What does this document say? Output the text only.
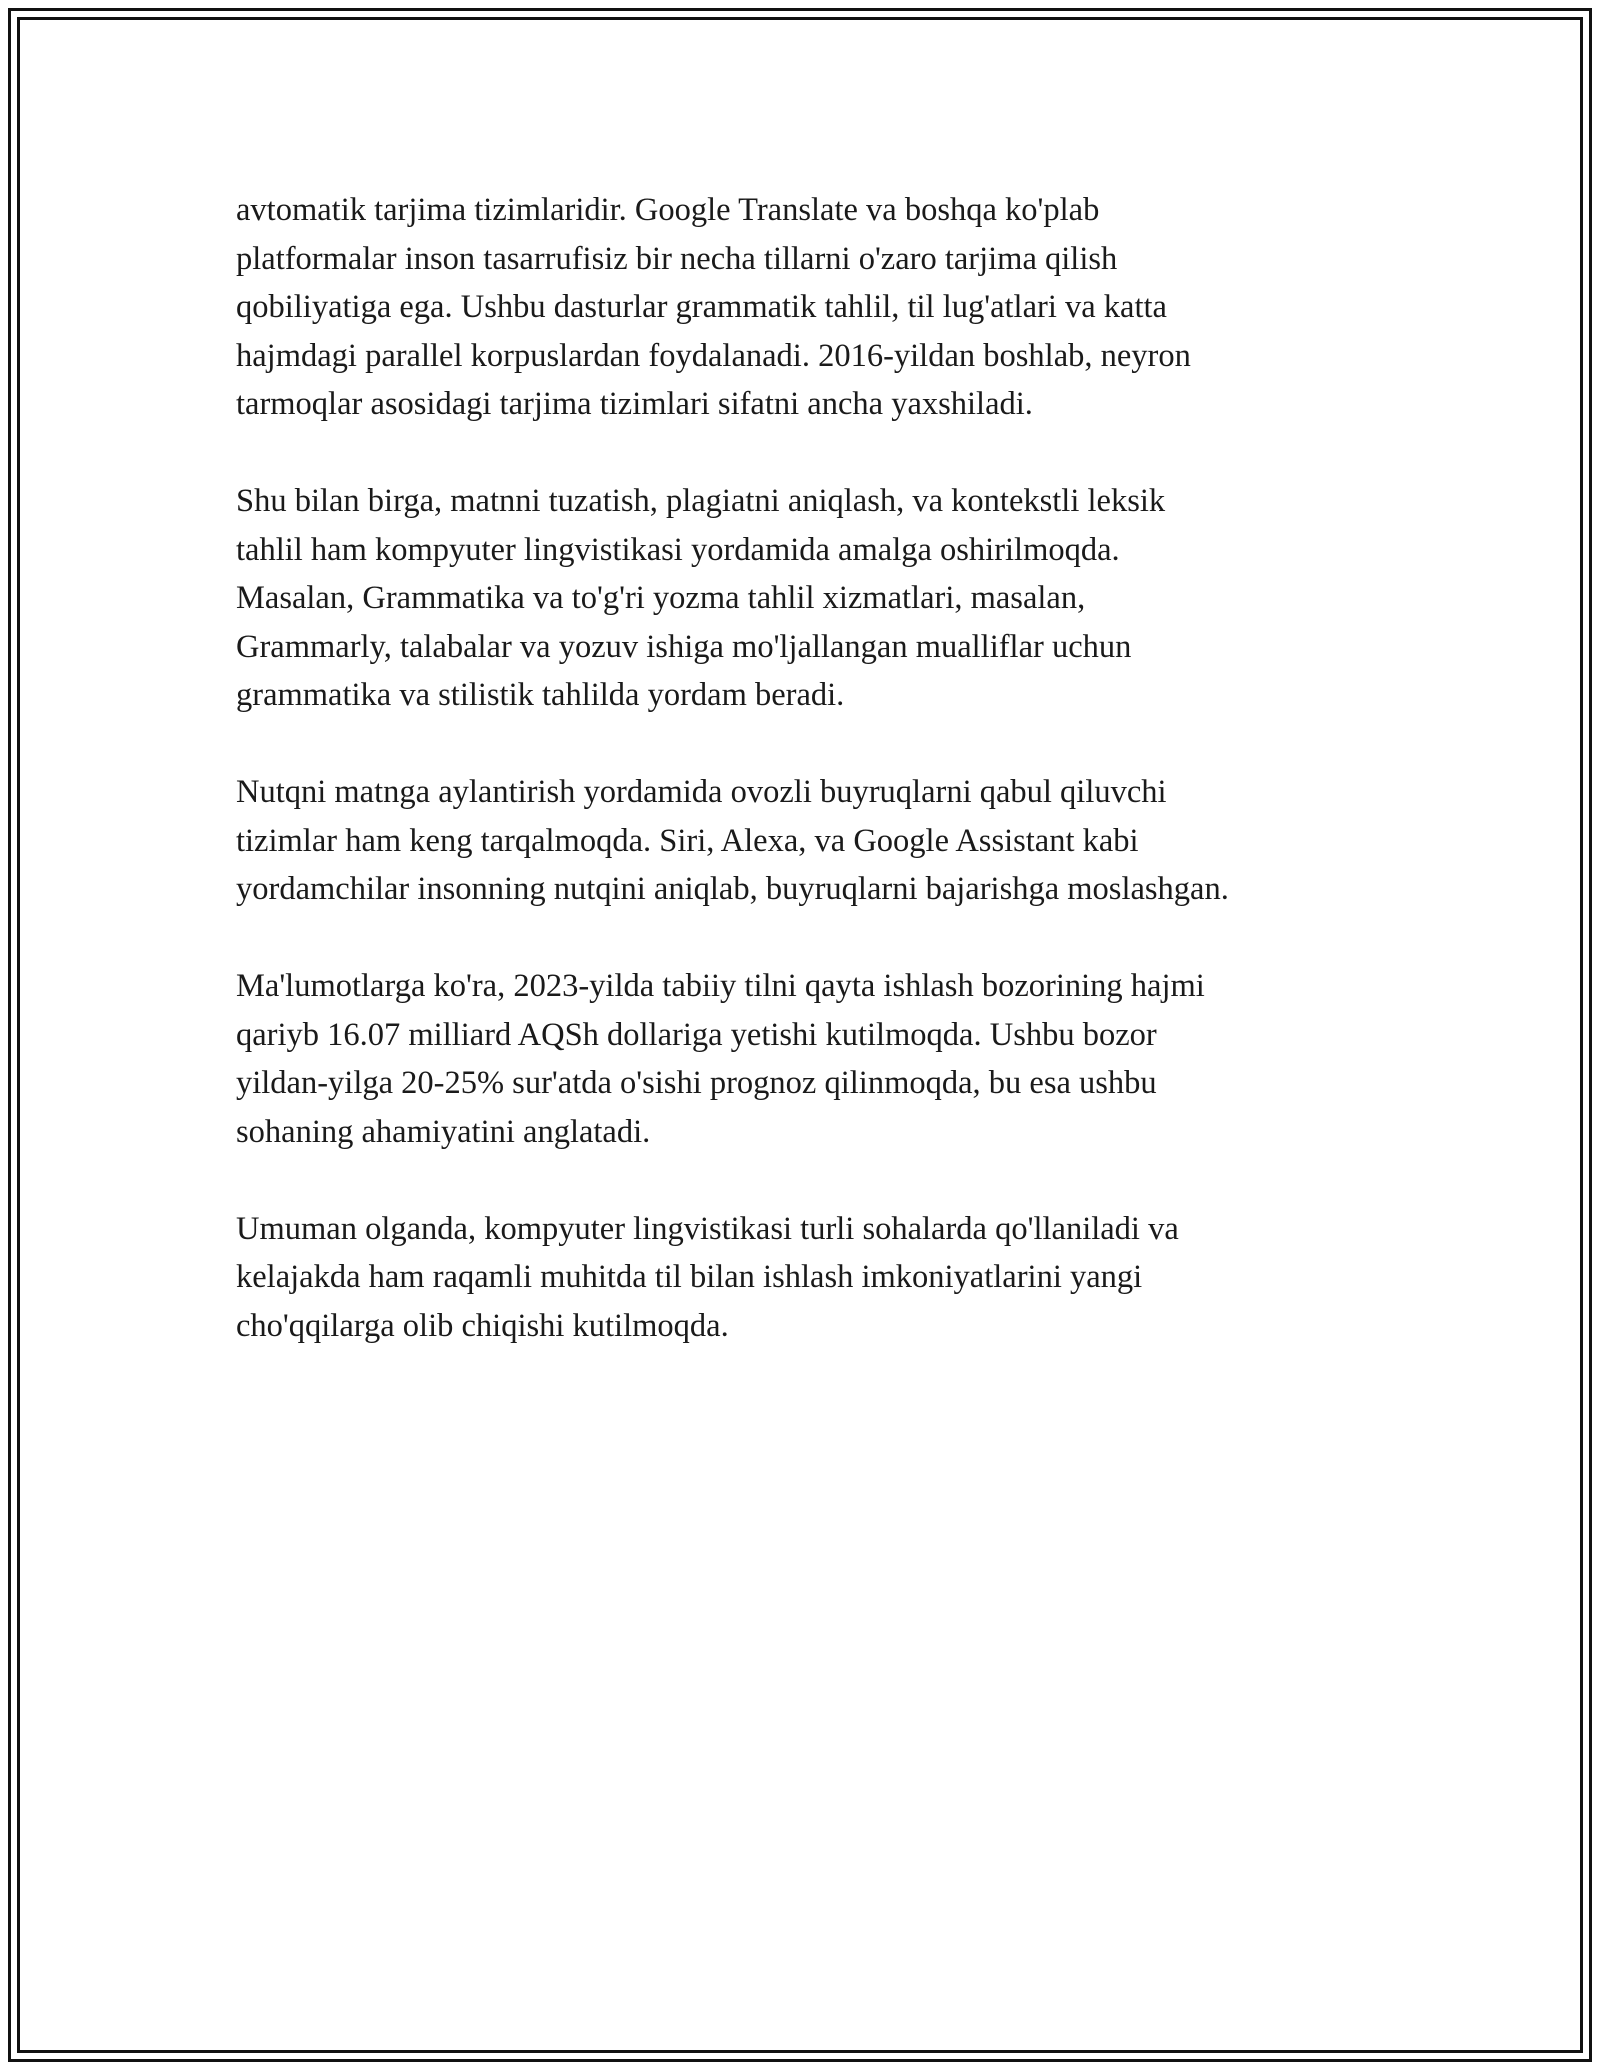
avtomatik tarjima tizimlaridir. Google Translate va boshqa ko'plab
platformalar inson tasarrufisiz bir necha tillarni o'zaro tarjima qilish
qobiliyatiga ega. Ushbu dasturlar grammatik tahlil, til lug'atlari va katta
hajmdagi parallel korpuslardan foydalanadi. 2016-yildan boshlab, neyron
tarmoqlar asosidagi tarjima tizimlari sifatni ancha yaxshiladi.

Shu bilan birga, matnni tuzatish, plagiatni aniqlash, va kontekstli leksik
tahlil ham kompyuter lingvistikasi yordamida amalga oshirilmoqda.
Masalan, Grammatika va to'g'ri yozma tahlil xizmatlari, masalan,
Grammarly, talabalar va yozuv ishiga mo'ljallangan mualliflar uchun
grammatika va stilistik tahlilda yordam beradi.

Nutqni matnga aylantirish yordamida ovozli buyruqlarni qabul qiluvchi
tizimlar ham keng tarqalmoqda. Siri, Alexa, va Google Assistant kabi
yordamchilar insonning nutqini aniqlab, buyruqlarni bajarishga moslashgan.

Ma'lumotlarga ko'ra, 2023-yilda tabiiy tilni qayta ishlash bozorining hajmi
qariyb 16.07 milliard AQSh dollariga yetishi kutilmoqda. Ushbu bozor
yildan-yilga 20-25% sur'atda o'sishi prognoz qilinmoqda, bu esa ushbu
sohaning ahamiyatini anglatadi.

Umuman olganda, kompyuter lingvistikasi turli sohalarda qo'llaniladi va
kelajakda ham raqamli muhitda til bilan ishlash imkoniyatlarini yangi
cho'qqilarga olib chiqishi kutilmoqda.
